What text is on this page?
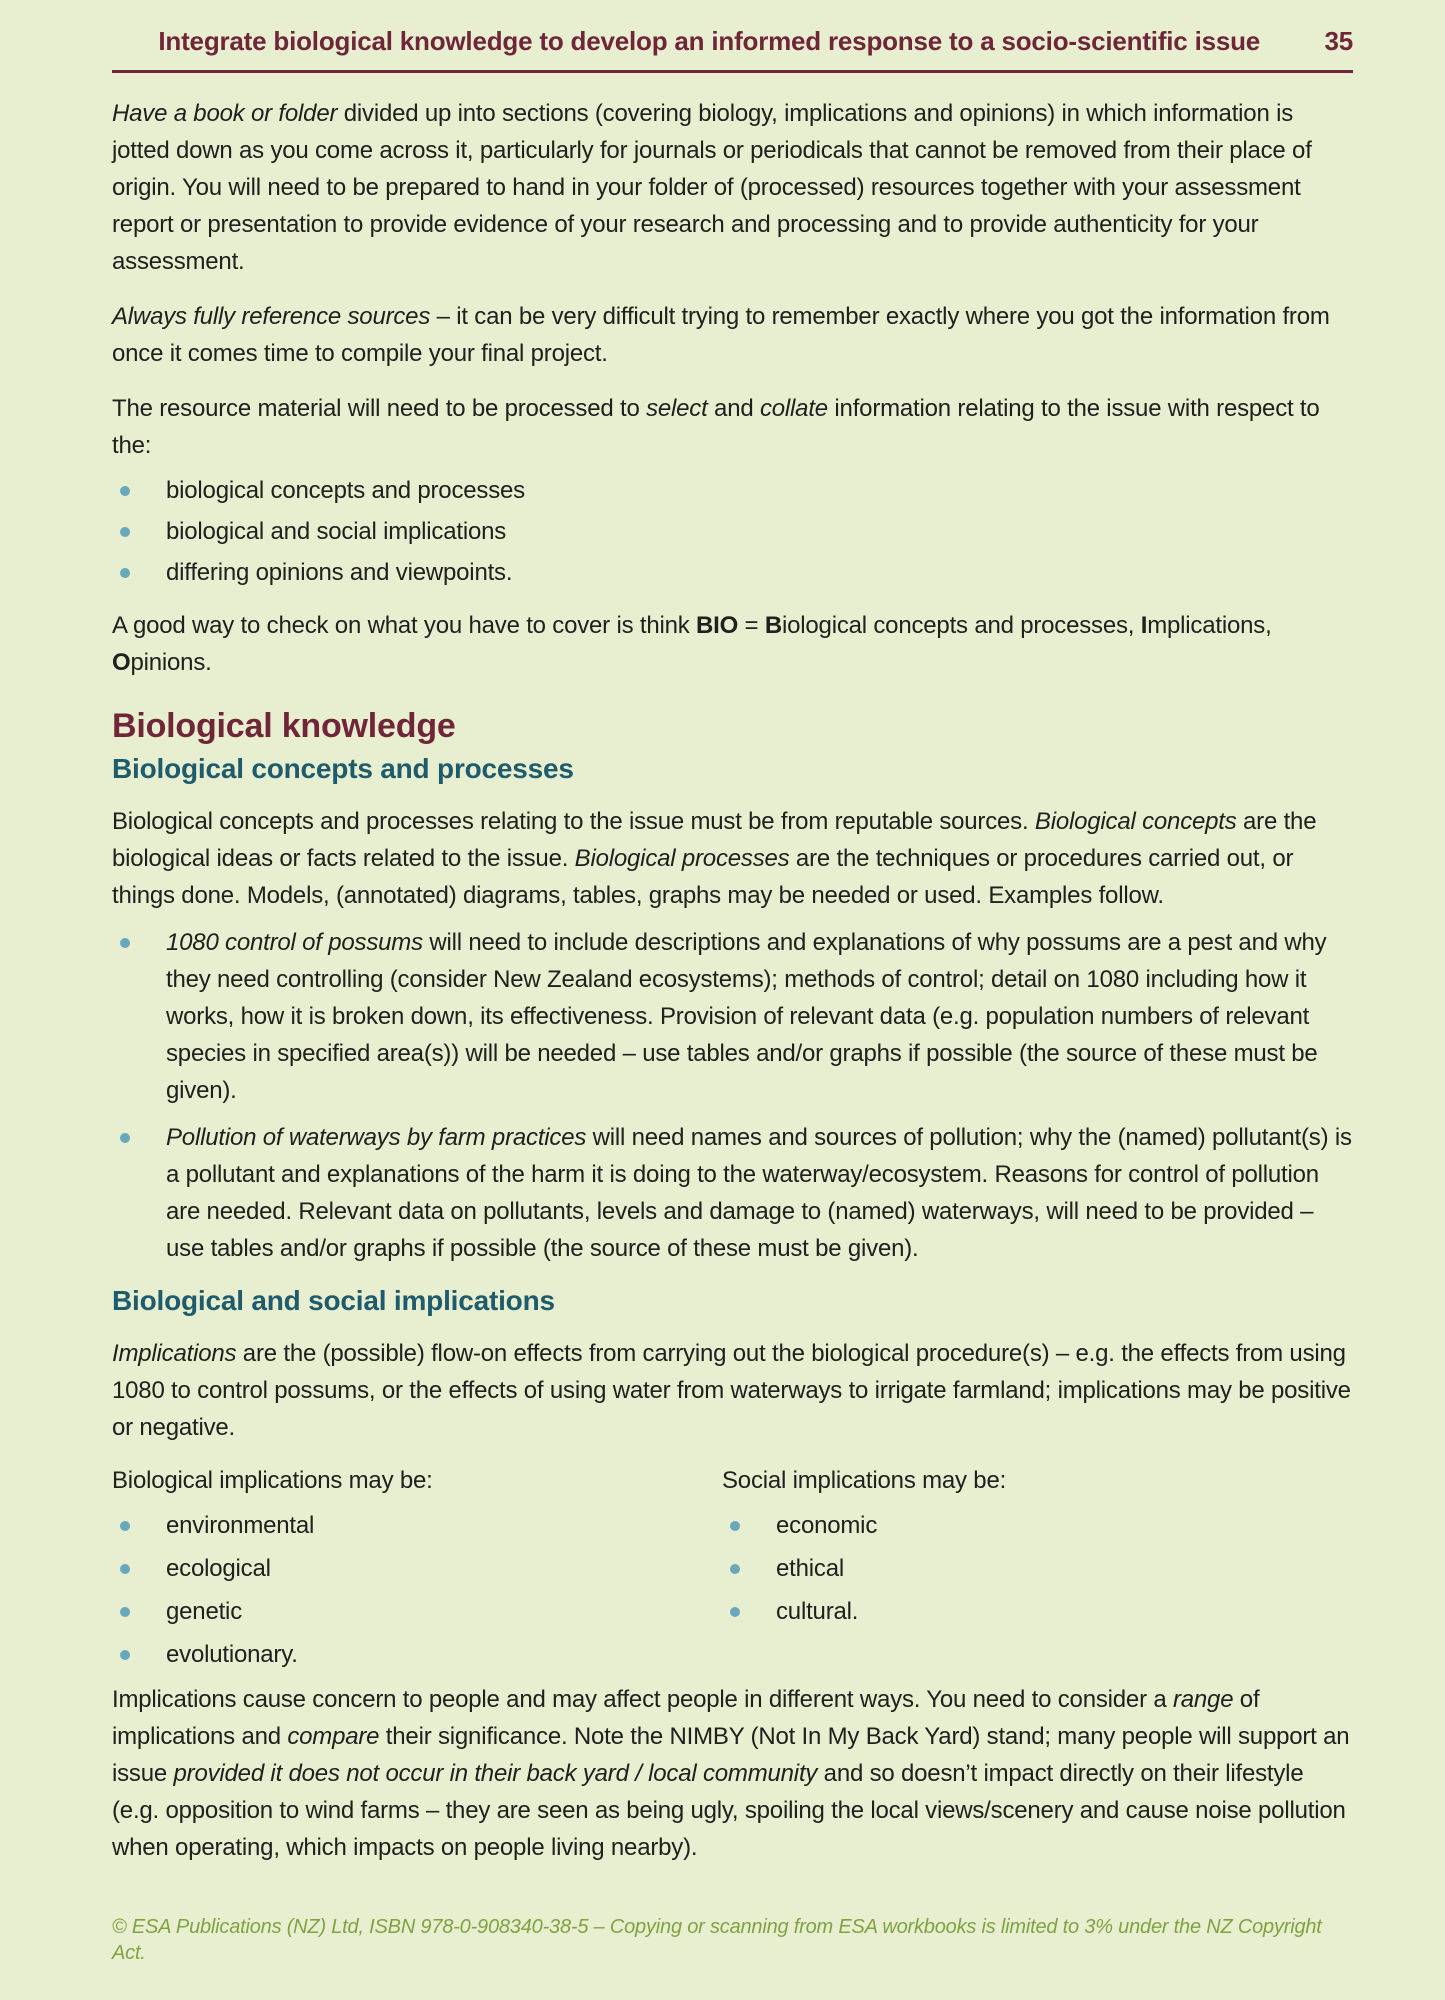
Integrate biological knowledge to develop an informed response to a socio-scientific issue	35

Have a book or folder divided up into sections (covering biology, implications and opinions) in which information is jotted down as you come across it, particularly for journals or periodicals that cannot be removed from their place of origin. You will need to be prepared to hand in your folder of (processed) resources together with your assessment report or presentation to provide evidence of your research and processing and to provide authenticity for your assessment.

Always fully reference sources – it can be very difficult trying to remember exactly where you got the information from once it comes time to compile your final project.

The resource material will need to be processed to select and collate information relating to the issue with respect to the:

biological concepts and processes
biological and social implications
differing opinions and viewpoints.

A good way to check on what you have to cover is think BIO = Biological concepts and processes, Implications, Opinions.

Biological knowledge
Biological concepts and processes

Biological concepts and processes relating to the issue must be from reputable sources. Biological concepts are the biological ideas or facts related to the issue. Biological processes are the techniques or procedures carried out, or things done. Models, (annotated) diagrams, tables, graphs may be needed or used. Examples follow.

1080 control of possums will need to include descriptions and explanations of why possums are a pest and why they need controlling (consider New Zealand ecosystems); methods of control; detail on 1080 including how it works, how it is broken down, its effectiveness. Provision of relevant data (e.g. population numbers of relevant species in specified area(s)) will be needed – use tables and/or graphs if possible (the source of these must be given).
Pollution of waterways by farm practices will need names and sources of pollution; why the (named) pollutant(s) is a pollutant and explanations of the harm it is doing to the waterway/ecosystem. Reasons for control of pollution are needed. Relevant data on pollutants, levels and damage to (named) waterways, will need to be provided – use tables and/or graphs if possible (the source of these must be given).
Biological and social implications

Implications are the (possible) flow-on effects from carrying out the biological procedure(s) – e.g. the effects from using 1080 to control possums, or the effects of using water from waterways to irrigate farmland; implications may be positive or negative.

Biological implications may be:

environmental
ecological
genetic
evolutionary.

Social implications may be:

economic
ethical
cultural.

Implications cause concern to people and may affect people in different ways. You need to consider a range of implications and compare their significance. Note the NIMBY (Not In My Back Yard) stand; many people will support an issue provided it does not occur in their back yard / local community and so doesn’t impact directly on their lifestyle (e.g. opposition to wind farms – they are seen as being ugly, spoiling the local views/scenery and cause noise pollution when operating, which impacts on people living nearby).

© ESA Publications (NZ) Ltd, ISBN 978-0-908340-38-5 – Copying or scanning from ESA workbooks is limited to 3% under the NZ Copyright Act.
